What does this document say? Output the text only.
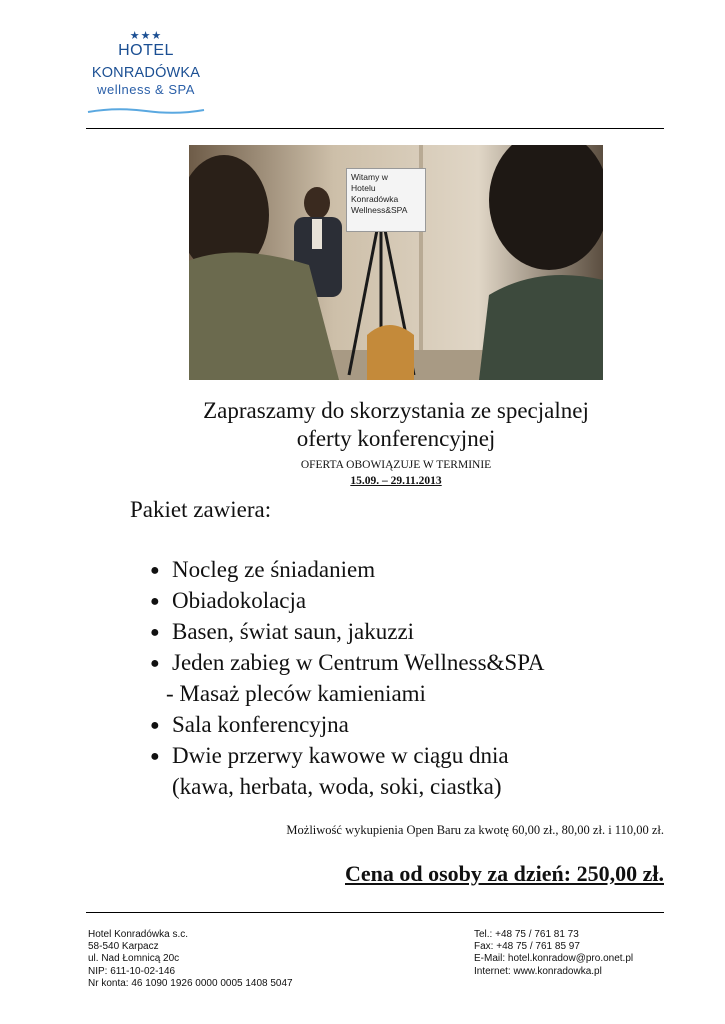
★★★
HOTEL
KONRADÓWKA
wellness & SPA
Witamy w
Hotelu
Konradówka
Wellness&SPA
Zapraszamy do skorzystania ze specjalnej
oferty konferencyjnej
OFERTA OBOWIĄZUJE W TERMINIE
15.09. – 29.11.2013
Pakiet zawiera:
● Nocleg ze śniadaniem
● Obiadokolacja
● Basen, świat saun, jakuzzi
● Jeden zabieg w Centrum Wellness&SPA
- Masaż pleców kamieniami
● Sala konferencyjna
● Dwie przerwy kawowe w ciągu dnia
(kawa, herbata, woda, soki, ciastka)
Możliwość wykupienia Open Baru za kwotę 60,00 zł., 80,00 zł. i 110,00 zł.
Cena od osoby za dzień: 250,00 zł.
Hotel Konradówka s.c.
58-540 Karpacz
ul. Nad Łomnicą 20c
NIP: 611-10-02-146
Nr konta: 46 1090 1926 0000 0005 1408 5047
Tel.: +48 75 / 761 81 73
Fax: +48 75 / 761 85 97
E-Mail: hotel.konradow@pro.onet.pl
Internet: www.konradowka.pl
